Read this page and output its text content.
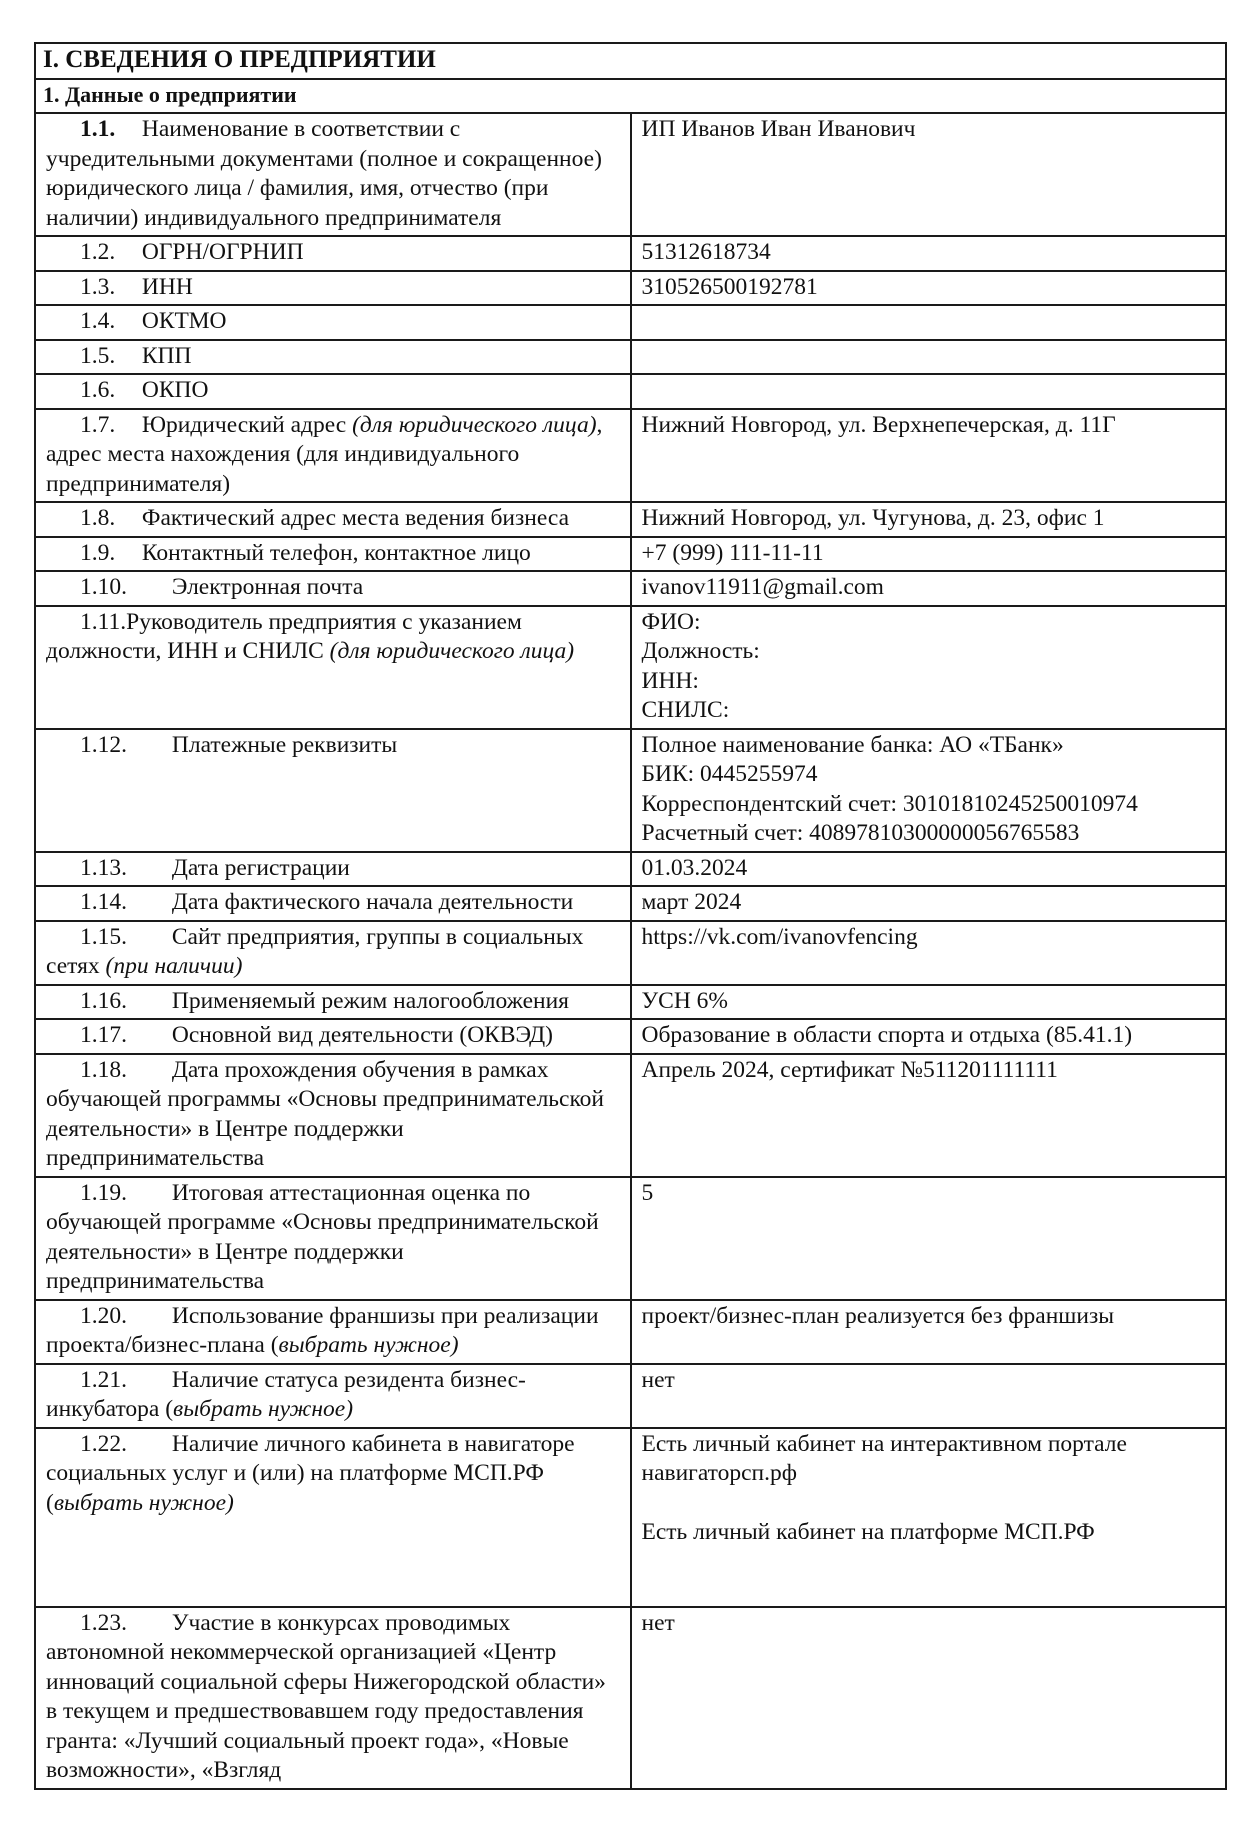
I. СВЕДЕНИЯ О ПРЕДПРИЯТИИ	
1. Данные о предприятии	
1.1. Наименование в соответствии с учредительными документами (полное и сокращенное) юридического лица / фамилия, имя, отчество (при наличии) индивидуального предпринимателя	ИП Иванов Иван Иванович
1.2. ОГРН/ОГРНИП	51312618734
1.3. ИНН	310526500192781
1.4. ОКТМО	
1.5. КПП	
1.6. ОКПО	
1.7. Юридический адрес (для юридического лица), адрес места нахождения (для индивидуального предпринимателя)	Нижний Новгород, ул. Верхнепечерская, д. 11Г
1.8. Фактический адрес места ведения бизнеса	Нижний Новгород, ул. Чугунова, д. 23, офис 1
1.9. Контактный телефон, контактное лицо	+7 (999) 111-11-11
1.10. Электронная почта	ivanov11911@gmail.com
1.11.Руководитель предприятия с указанием должности, ИНН и СНИЛС (для юридического лица)	ФИО:
Должность:
ИНН:
СНИЛС:

1.12. Платежные реквизиты	Полное наименование банка: АО «ТБанк»
БИК: 0445255974
Корреспондентский счет: 30101810245250010974
Расчетный счет: 40897810300000056765583

1.13. Дата регистрации	01.03.2024
1.14. Дата фактического начала деятельности	март 2024
1.15. Сайт предприятия, группы в социальных сетях (при наличии)	https://vk.com/ivanovfencing
1.16. Применяемый режим налогообложения	УСН 6%
1.17. Основной вид деятельности (ОКВЭД)	Образование в области спорта и отдыха (85.41.1)
1.18. Дата прохождения обучения в рамках обучающей программы «Основы предпринимательской деятельности» в Центре поддержки предпринимательства	Апрель 2024, сертификат №511201111111
1.19. Итоговая аттестационная оценка по обучающей программе «Основы предпринимательской деятельности» в Центре поддержки предпринимательства	5
1.20. Использование франшизы при реализации проекта/бизнес-плана (выбрать нужное)	проект/бизнес-план реализуется без франшизы
1.21. Наличие статуса резидента бизнес-инкубатора (выбрать нужное)	нет
1.22. Наличие личного кабинета в навигаторе социальных услуг и (или) на платформе МСП.РФ (выбрать нужное)	Есть личный кабинет на интерактивном портале навигаторсп.рф
Есть личный кабинет на платформе МСП.РФ

1.23. Участие в конкурсах проводимых автономной некоммерческой организацией «Центр инноваций социальной сферы Нижегородской области» в текущем и предшествовавшем году предоставления гранта: «Лучший социальный проект года», «Новые возможности», «Взгляд	нет
